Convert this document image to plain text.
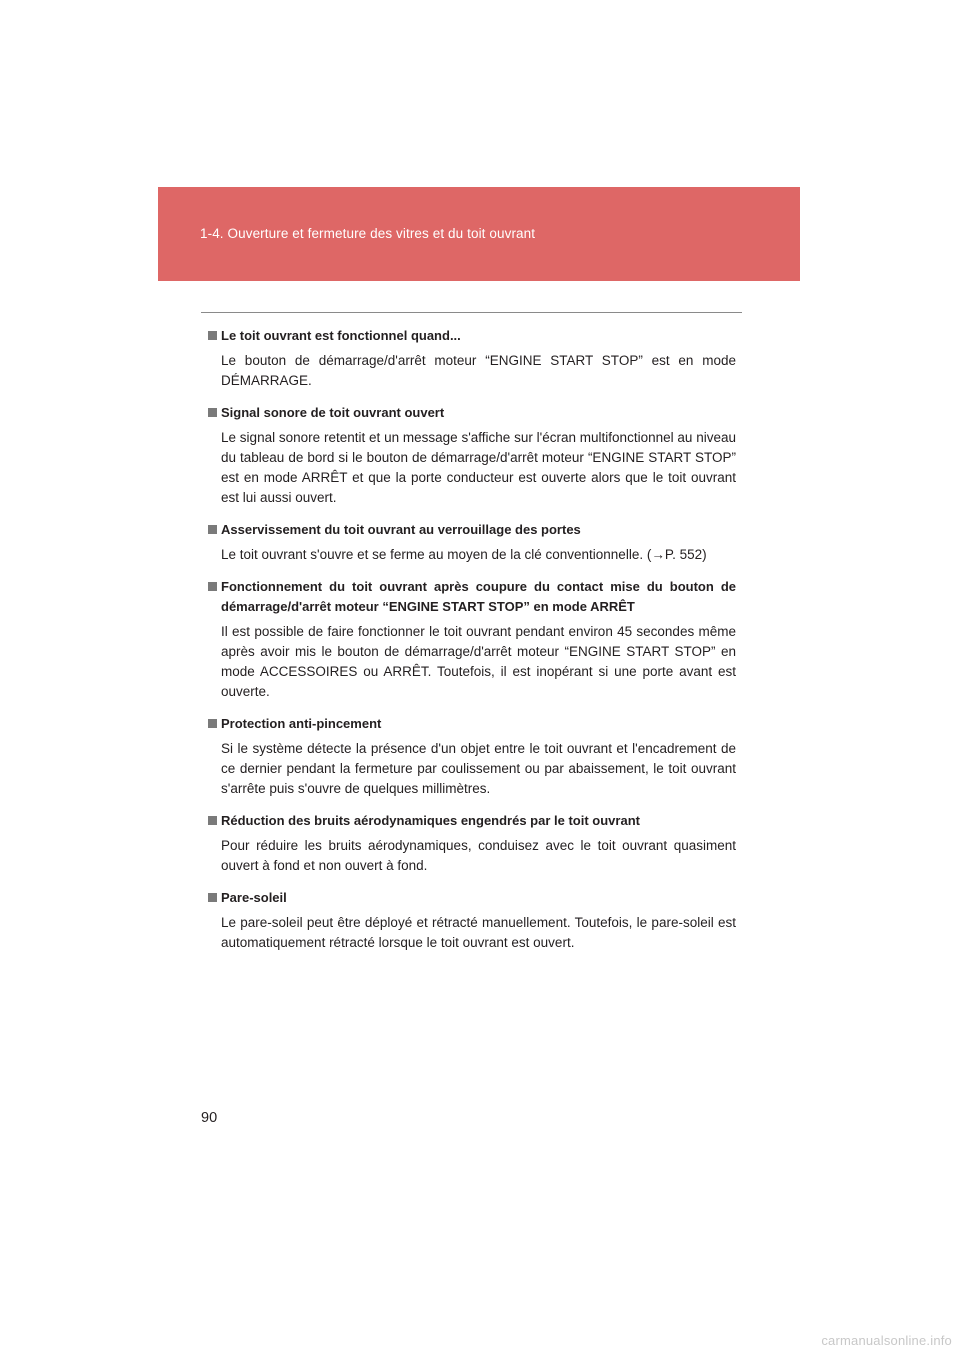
1-4. Ouverture et fermeture des vitres et du toit ouvrant
Le toit ouvrant est fonctionnel quand...
Le bouton de démarrage/d'arrêt moteur “ENGINE START STOP” est en mode DÉMARRAGE.
Signal sonore de toit ouvrant ouvert
Le signal sonore retentit et un message s'affiche sur l'écran multifonctionnel au niveau du tableau de bord si le bouton de démarrage/d'arrêt moteur “ENGINE START STOP” est en mode ARRÊT et que la porte conducteur est ouverte alors que le toit ouvrant est lui aussi ouvert.
Asservissement du toit ouvrant au verrouillage des portes
Le toit ouvrant s'ouvre et se ferme au moyen de la clé conventionnelle. (→P. 552)
Fonctionnement du toit ouvrant après coupure du contact mise du bouton de démarrage/d'arrêt moteur “ENGINE START STOP” en mode ARRÊT
Il est possible de faire fonctionner le toit ouvrant pendant environ 45 secondes même après avoir mis le bouton de démarrage/d'arrêt moteur “ENGINE START STOP” en mode ACCESSOIRES ou ARRÊT. Toutefois, il est inopérant si une porte avant est ouverte.
Protection anti-pincement
Si le système détecte la présence d'un objet entre le toit ouvrant et l'encadrement de ce dernier pendant la fermeture par coulissement ou par abaissement, le toit ouvrant s'arrête puis s'ouvre de quelques millimètres.
Réduction des bruits aérodynamiques engendrés par le toit ouvrant
Pour réduire les bruits aérodynamiques, conduisez avec le toit ouvrant quasiment ouvert à fond et non ouvert à fond.
Pare-soleil
Le pare-soleil peut être déployé et rétracté manuellement. Toutefois, le pare-soleil est automatiquement rétracté lorsque le toit ouvrant est ouvert.
90
carmanualsonline.info
